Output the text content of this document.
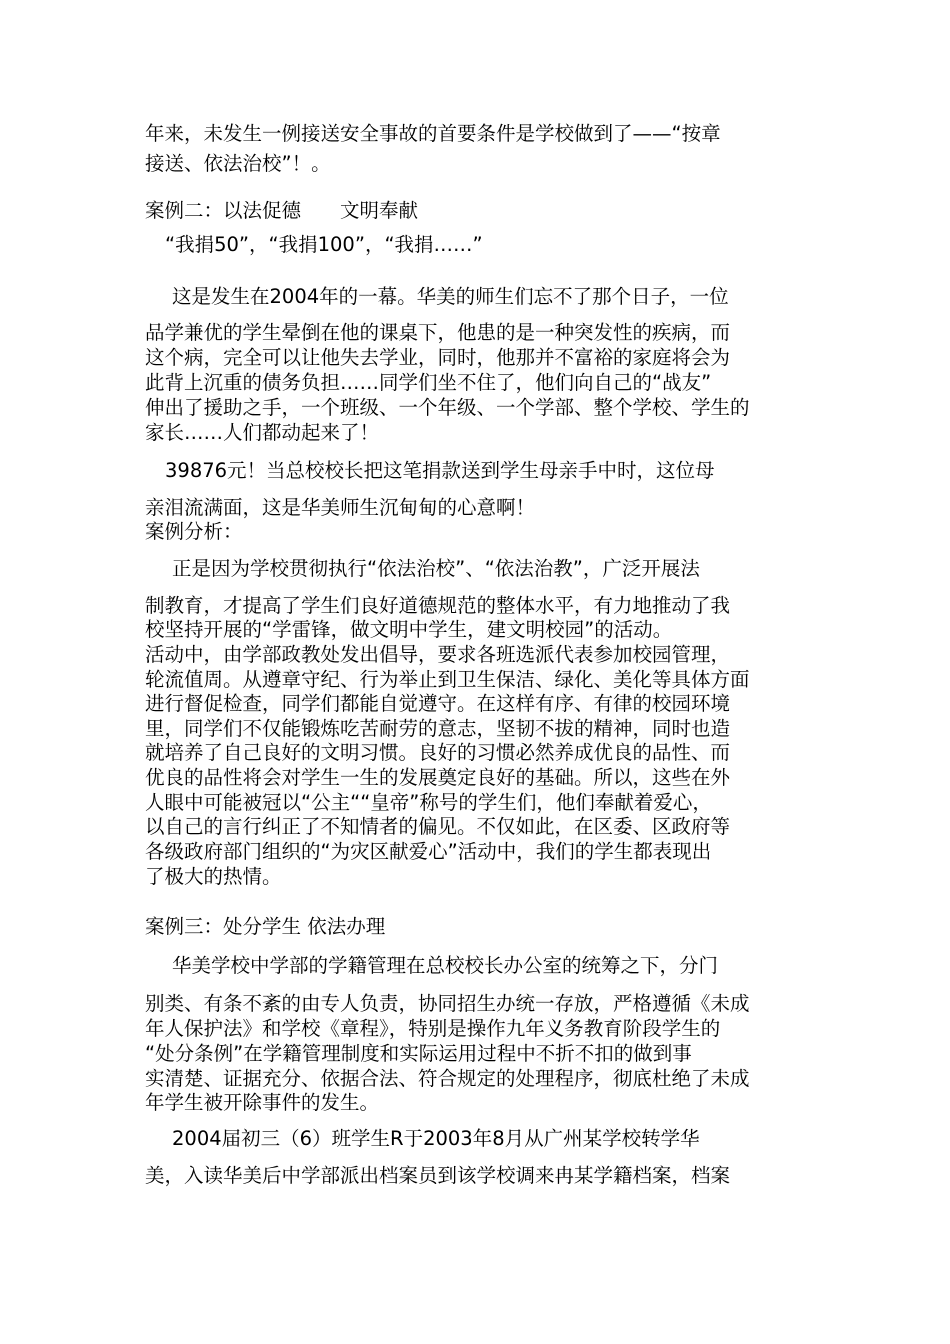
年来，未发生一例接送安全事故的首要条件是学校做到了——“按章
接送、依法治校”！。
案例二：以法促德　　文明奉献
“我捐50”，“我捐100”，“我捐……”
这是发生在2004年的一幕。华美的师生们忘不了那个日子，一位
品学兼优的学生晕倒在他的课桌下，他患的是一种突发性的疾病，而
这个病，完全可以让他失去学业，同时，他那并不富裕的家庭将会为
此背上沉重的债务负担……同学们坐不住了，他们向自己的“战友”
伸出了援助之手，一个班级、一个年级、一个学部、整个学校、学生的
家长……人们都动起来了！
39876元！当总校校长把这笔捐款送到学生母亲手中时，这位母
亲泪流满面，这是华美师生沉甸甸的心意啊！
案例分析：
正是因为学校贯彻执行“依法治校”、“依法治教”，广泛开展法
制教育，才提高了学生们良好道德规范的整体水平，有力地推动了我
校坚持开展的“学雷锋，做文明中学生，建文明校园”的活动。
活动中，由学部政教处发出倡导，要求各班选派代表参加校园管理，
轮流值周。从遵章守纪、行为举止到卫生保洁、绿化、美化等具体方面
进行督促检查，同学们都能自觉遵守。在这样有序、有律的校园环境
里，同学们不仅能锻炼吃苦耐劳的意志，坚韧不拔的精神，同时也造
就培养了自己良好的文明习惯。良好的习惯必然养成优良的品性、而
优良的品性将会对学生一生的发展奠定良好的基础。所以，这些在外
人眼中可能被冠以“公主““皇帝”称号的学生们，他们奉献着爱心，
以自己的言行纠正了不知情者的偏见。不仅如此，在区委、区政府等
各级政府部门组织的“为灾区献爱心”活动中，我们的学生都表现出
了极大的热情。
案例三：处分学生 依法办理
华美学校中学部的学籍管理在总校校长办公室的统筹之下，分门
别类、有条不紊的由专人负责，协同招生办统一存放，严格遵循《未成
年人保护法》和学校《章程》，特别是操作九年义务教育阶段学生的
“处分条例”在学籍管理制度和实际运用过程中不折不扣的做到事
实清楚、证据充分、依据合法、符合规定的处理程序，彻底杜绝了未成
年学生被开除事件的发生。
2004届初三（6）班学生R于2003年8月从广州某学校转学华
美，入读华美后中学部派出档案员到该学校调来冉某学籍档案，档案
